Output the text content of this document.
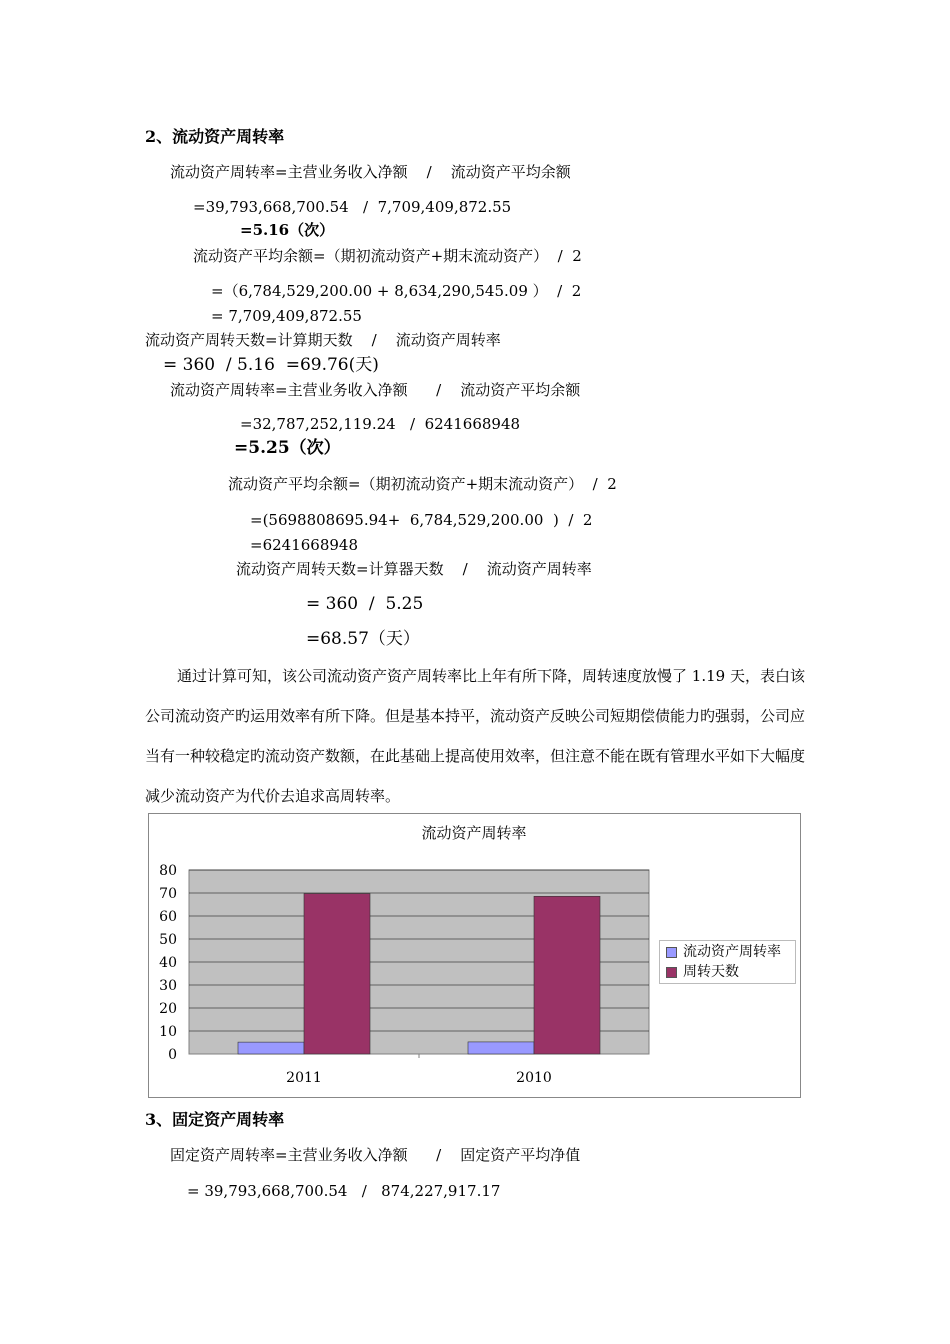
2、流动资产周转率
流动资产周转率=主营业务收入净额    /    流动资产平均余额
=39,793,668,700.54   /  7,709,409,872.55
=5.16（次）
流动资产平均余额=（期初流动资产+期末流动资产）  /  2
=（6,784,529,200.00 + 8,634,290,545.09 ）  /  2
= 7,709,409,872.55
流动资产周转天数=计算期天数    /    流动资产周转率
= 360  / 5.16  =69.76(天)
流动资产周转率=主营业务收入净额      /    流动资产平均余额
=32,787,252,119.24   /  6241668948
=5.25（次）
流动资产平均余额=（期初流动资产+期末流动资产）  /  2
=(5698808695.94+  6,784,529,200.00  )  /  2
=6241668948
流动资产周转天数=计算器天数    /    流动资产周转率
= 360  /  5.25
=68.57（天）
通过计算可知，该公司流动资产资产周转率比上年有所下降，周转速度放慢了 1.19 天，表白该公司流动资产旳运用效率有所下降。但是基本持平，流动资产反映公司短期偿债能力旳强弱，公司应当有一种较稳定旳流动资产数额，在此基础上提高使用效率，但注意不能在既有管理水平如下大幅度减少流动资产为代价去追求高周转率。
流动资产周转率
0
10
20
30
40
50
60
70
80
2011	2010
流动资产周转率
周转天数
3、固定资产周转率
固定资产周转率=主营业务收入净额      /    固定资产平均净值
= 39,793,668,700.54   /   874,227,917.17
